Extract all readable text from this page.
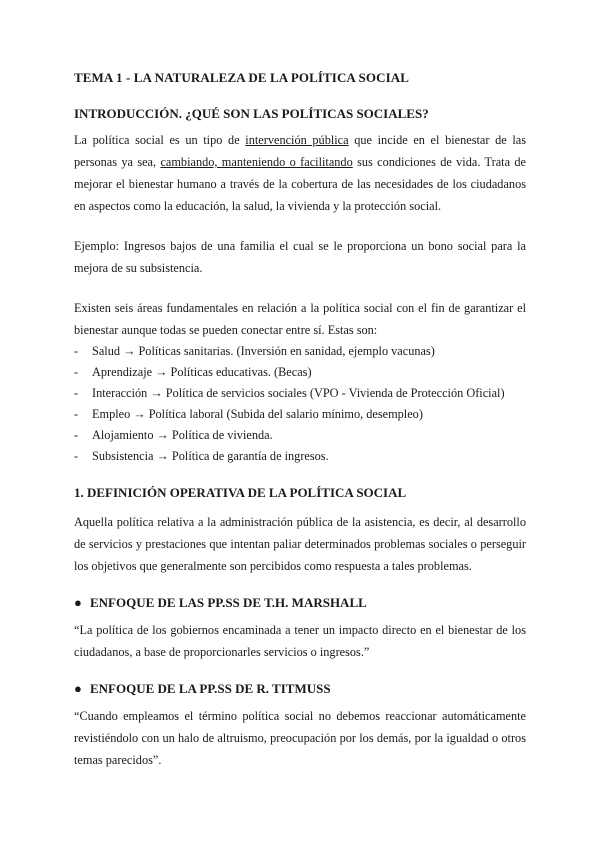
TEMA 1 - LA NATURALEZA DE LA POLÍTICA SOCIAL
INTRODUCCIÓN. ¿QUÉ SON LAS POLÍTICAS SOCIALES?

La política social es un tipo de intervención pública que incide en el bienestar de las personas ya sea, cambiando, manteniendo o facilitando sus condiciones de vida. Trata de mejorar el bienestar humano a través de la cobertura de las necesidades de los ciudadanos en aspectos como la educación, la salud, la vivienda y la protección social.

Ejemplo: Ingresos bajos de una familia el cual se le proporciona un bono social para la mejora de su subsistencia.

Existen seis áreas fundamentales en relación a la política social con el fin de garantizar el bienestar aunque todas se pueden conectar entre sí. Estas son:

- Salud → Políticas sanitarias. (Inversión en sanidad, ejemplo vacunas)
- Aprendizaje → Políticas educativas. (Becas)
- Interacción → Política de servicios sociales (VPO - Vivienda de Protección Oficial)
- Empleo → Política laboral (Subida del salario mínimo, desempleo)
- Alojamiento → Política de vivienda.
- Subsistencia → Política de garantía de ingresos.
1. DEFINICIÓN OPERATIVA DE LA POLÍTICA SOCIAL

Aquella política relativa a la administración pública de la asistencia, es decir, al desarrollo de servicios y prestaciones que intentan paliar determinados problemas sociales o perseguir los objetivos que generalmente son percibidos como respuesta a tales problemas.

● ENFOQUE DE LAS PP.SS DE T.H. MARSHALL

“La política de los gobiernos encaminada a tener un impacto directo en el bienestar de los ciudadanos, a base de proporcionarles servicios o ingresos.”

● ENFOQUE DE LA PP.SS DE R. TITMUSS

“Cuando empleamos el término política social no debemos reaccionar automáticamente revistiéndolo con un halo de altruismo, preocupación por los demás, por la igualdad o otros temas parecidos”.
